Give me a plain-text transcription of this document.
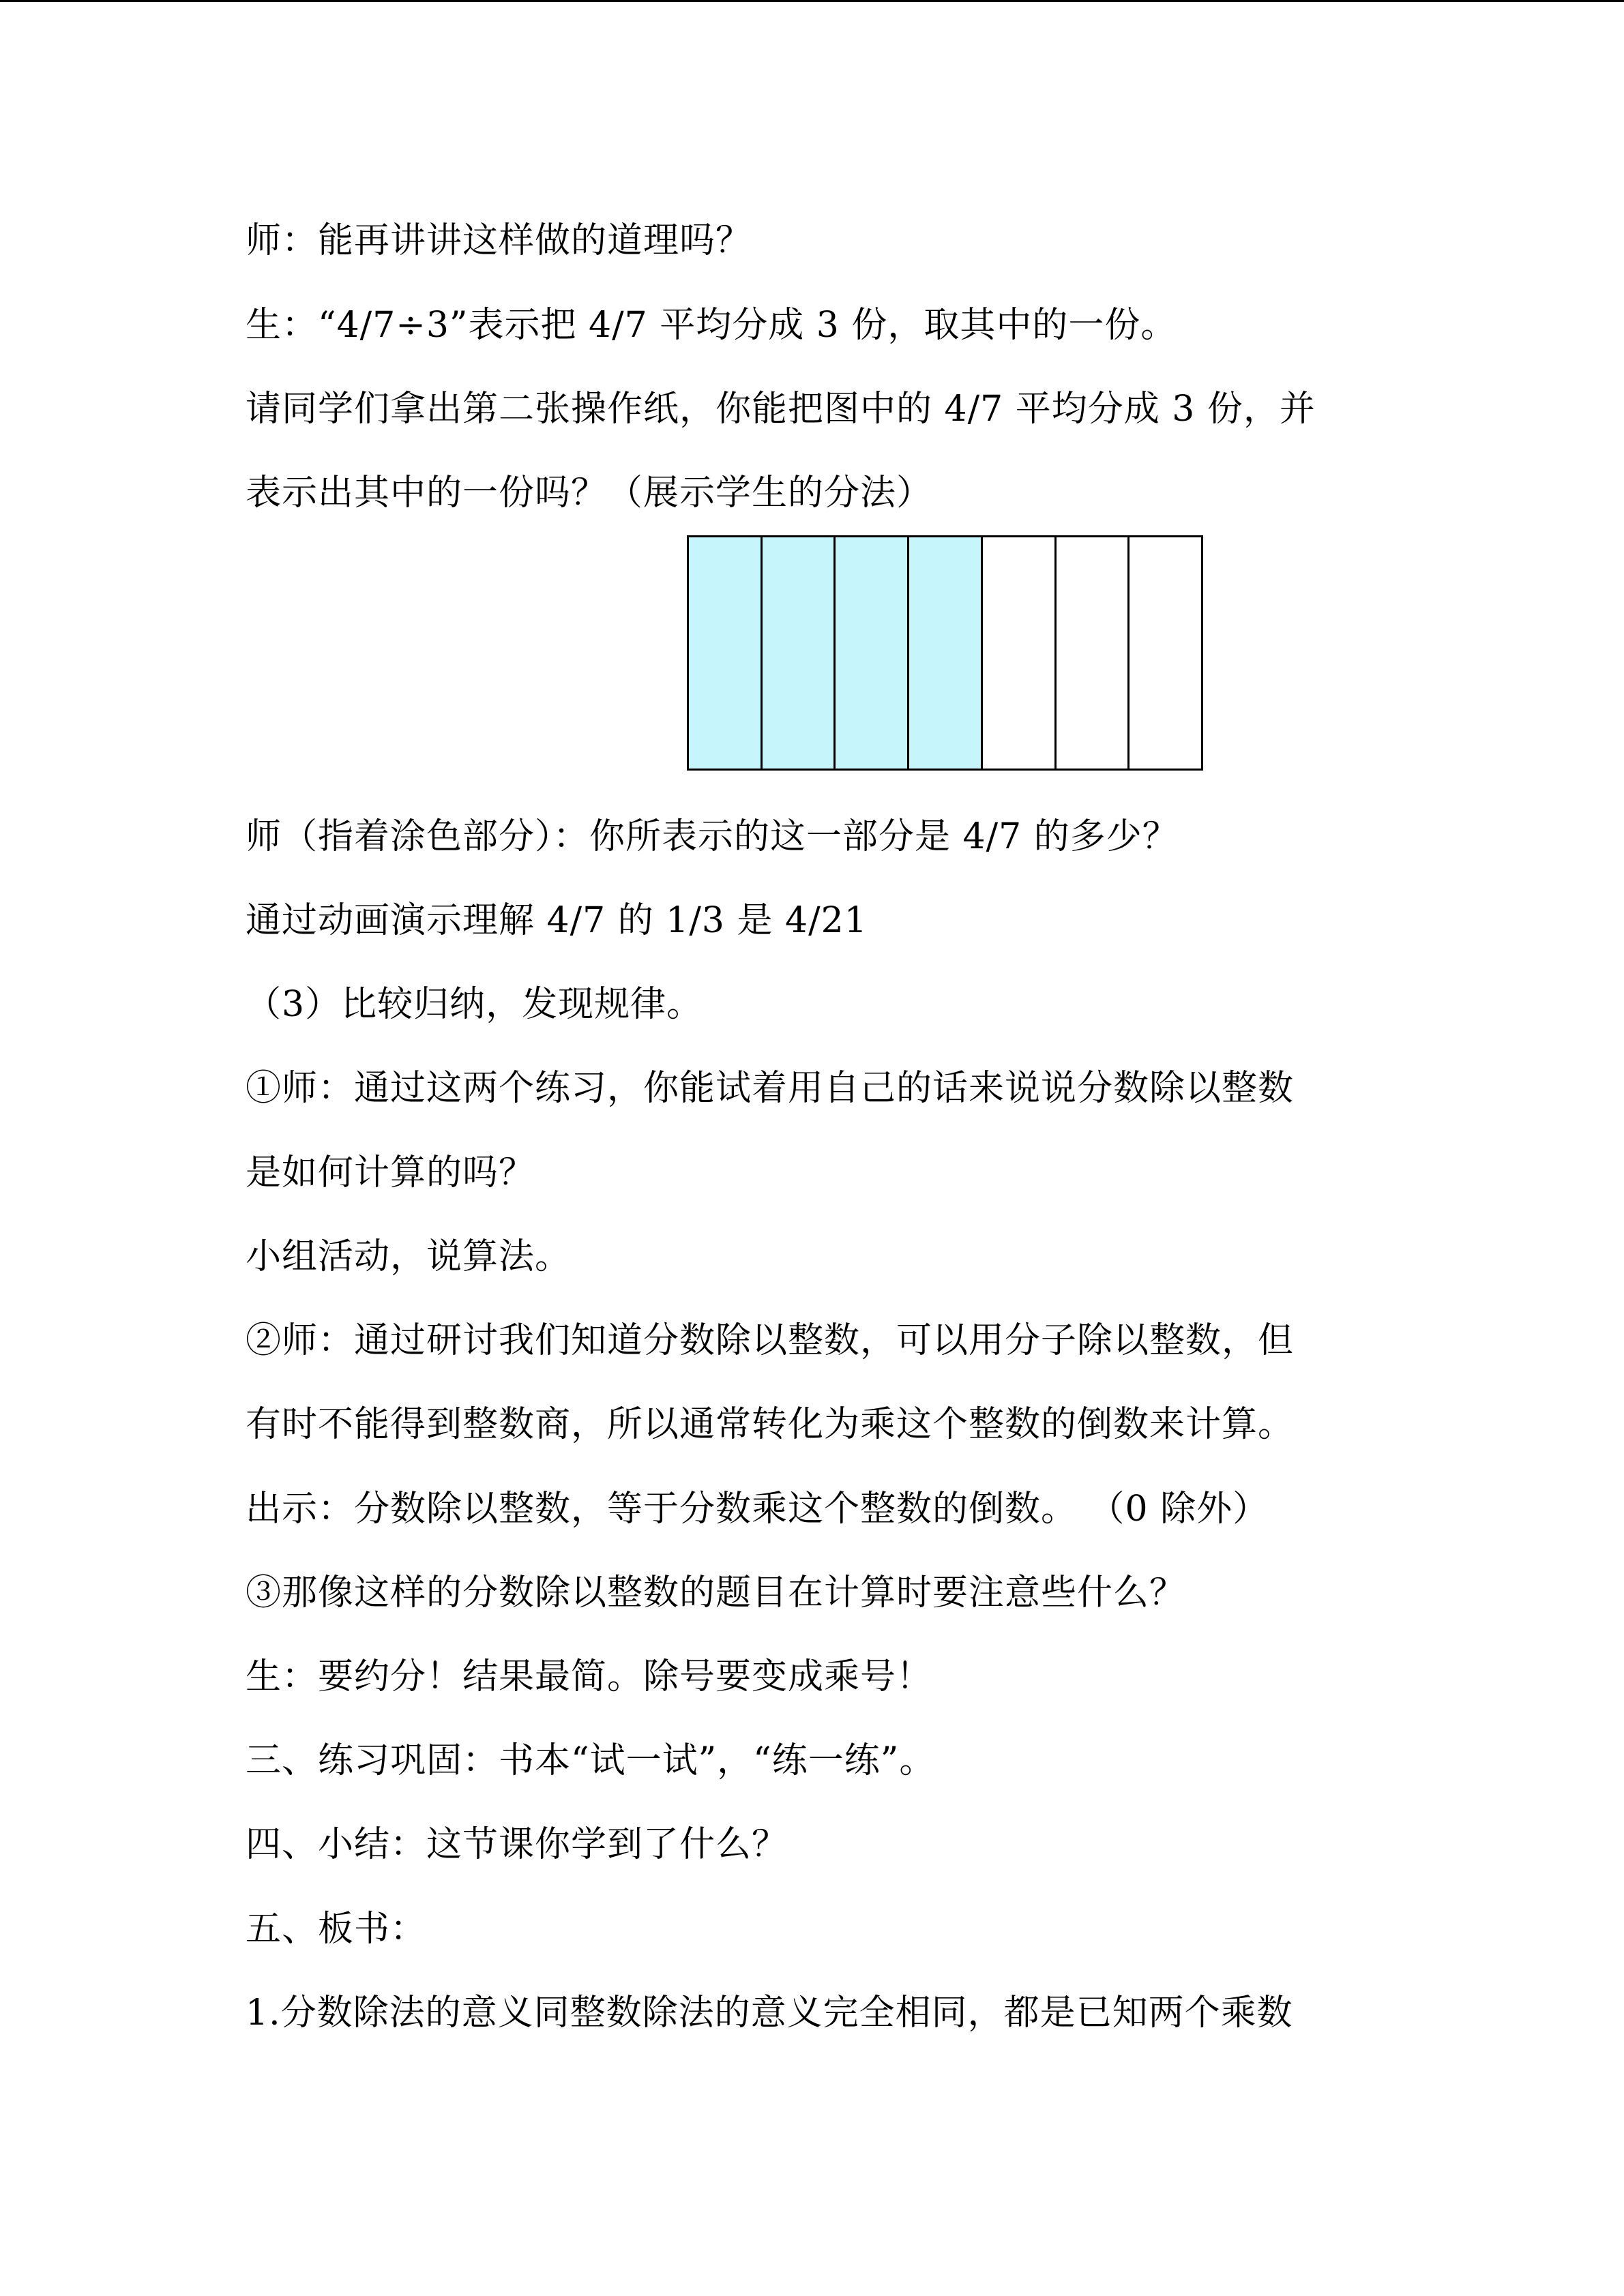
师：能再讲讲这样做的道理吗？
生：“4/7÷3”表示把 4/7 平均分成 3 份，取其中的一份。
请同学们拿出第二张操作纸，你能把图中的 4/7 平均分成 3 份，并
表示出其中的一份吗？（展示学生的分法）
师（指着涂色部分）：你所表示的这一部分是 4/7 的多少？
通过动画演示理解 4/7 的 1/3 是 4/21
（3）比较归纳，发现规律。
①师：通过这两个练习，你能试着用自己的话来说说分数除以整数
是如何计算的吗？
小组活动，说算法。
②师：通过研讨我们知道分数除以整数，可以用分子除以整数，但
有时不能得到整数商，所以通常转化为乘这个整数的倒数来计算。
出示：分数除以整数，等于分数乘这个整数的倒数。 （0 除外）
③那像这样的分数除以整数的题目在计算时要注意些什么？
生：要约分！结果最简。除号要变成乘号！
三、练习巩固：书本“试一试”，“练一练”。
四、小结：这节课你学到了什么？
五、板书：
1.分数除法的意义同整数除法的意义完全相同，都是已知两个乘数
